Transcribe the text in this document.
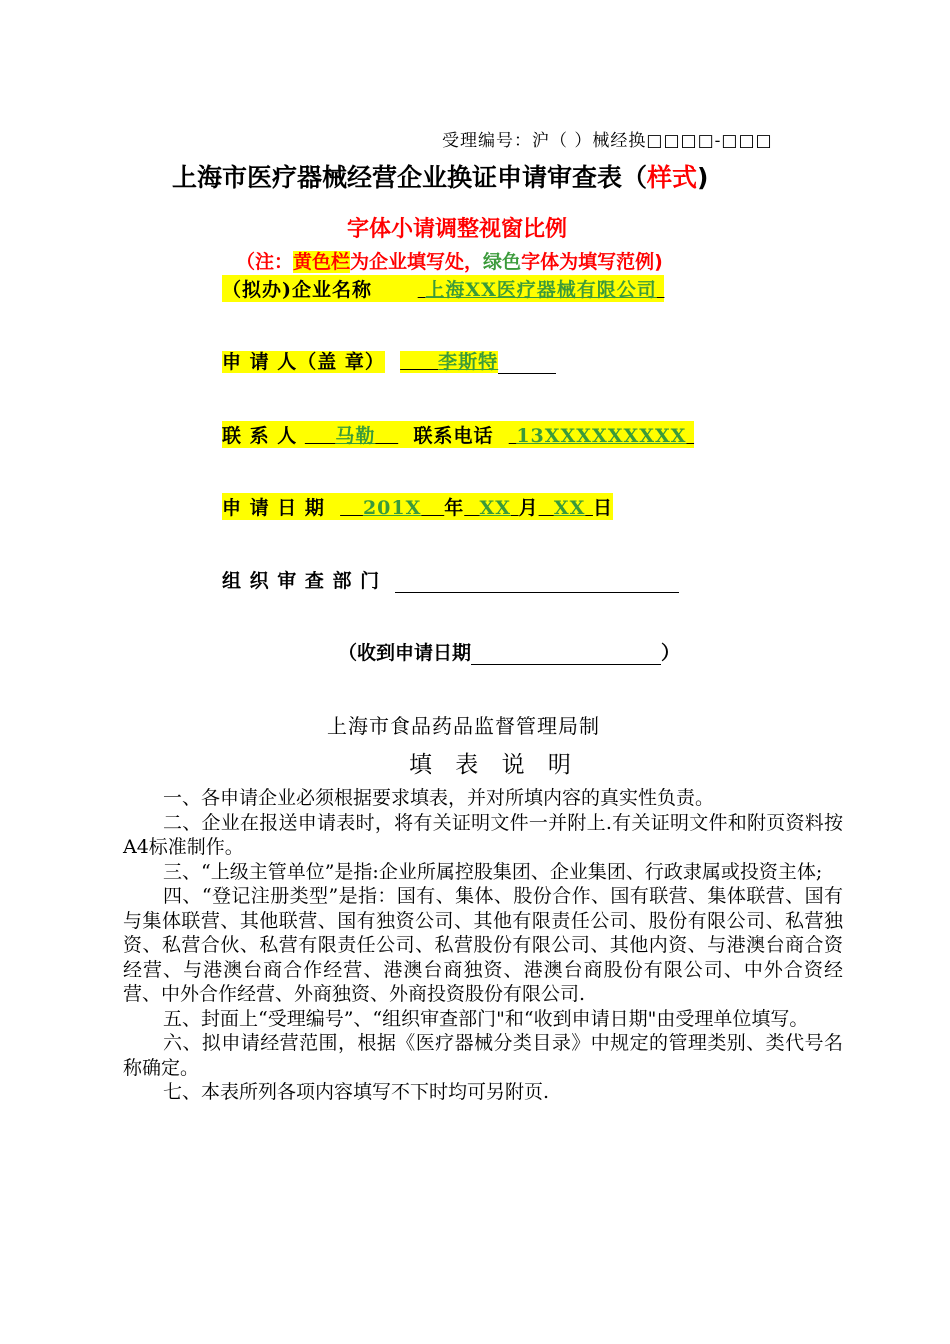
受理编号：沪（ ）械经换□□□□-□□□
上海市医疗器械经营企业换证申请审查表（样式)
字体小请调整视窗比例
（注：黄色栏为企业填写处，绿色字体为填写范例)
（拟办)企业名称	上海XX医疗器械有限公司
申 请 人（盖 章）	李斯特
联 系 人 马勒 联系电话 13XXXXXXXXX
申 请 日 期 201X 年 XX 月 XX 日
组 织 审 查 部 门
（收到申请日期	）
上海市食品药品监督管理局制
填 表 说 明

一、各申请企业必须根据要求填表，并对所填内容的真实性负责。

二、企业在报送申请表时，将有关证明文件一并附上.有关证明文件和附页资料按A4标准制作。

三、“上级主管单位”是指:企业所属控股集团、企业集团、行政隶属或投资主体;

四、“登记注册类型”是指：国有、集体、股份合作、国有联营、集体联营、国有与集体联营、其他联营、国有独资公司、其他有限责任公司、股份有限公司、私营独资、私营合伙、私营有限责任公司、私营股份有限公司、其他内资、与港澳台商合资经营、与港澳台商合作经营、港澳台商独资、港澳台商股份有限公司、中外合资经营、中外合作经营、外商独资、外商投资股份有限公司.

五、封面上“受理编号”、“组织审查部门"和“收到申请日期"由受理单位填写。

六、拟申请经营范围，根据《医疗器械分类目录》中规定的管理类别、类代号名称确定。

七、本表所列各项内容填写不下时均可另附页.
